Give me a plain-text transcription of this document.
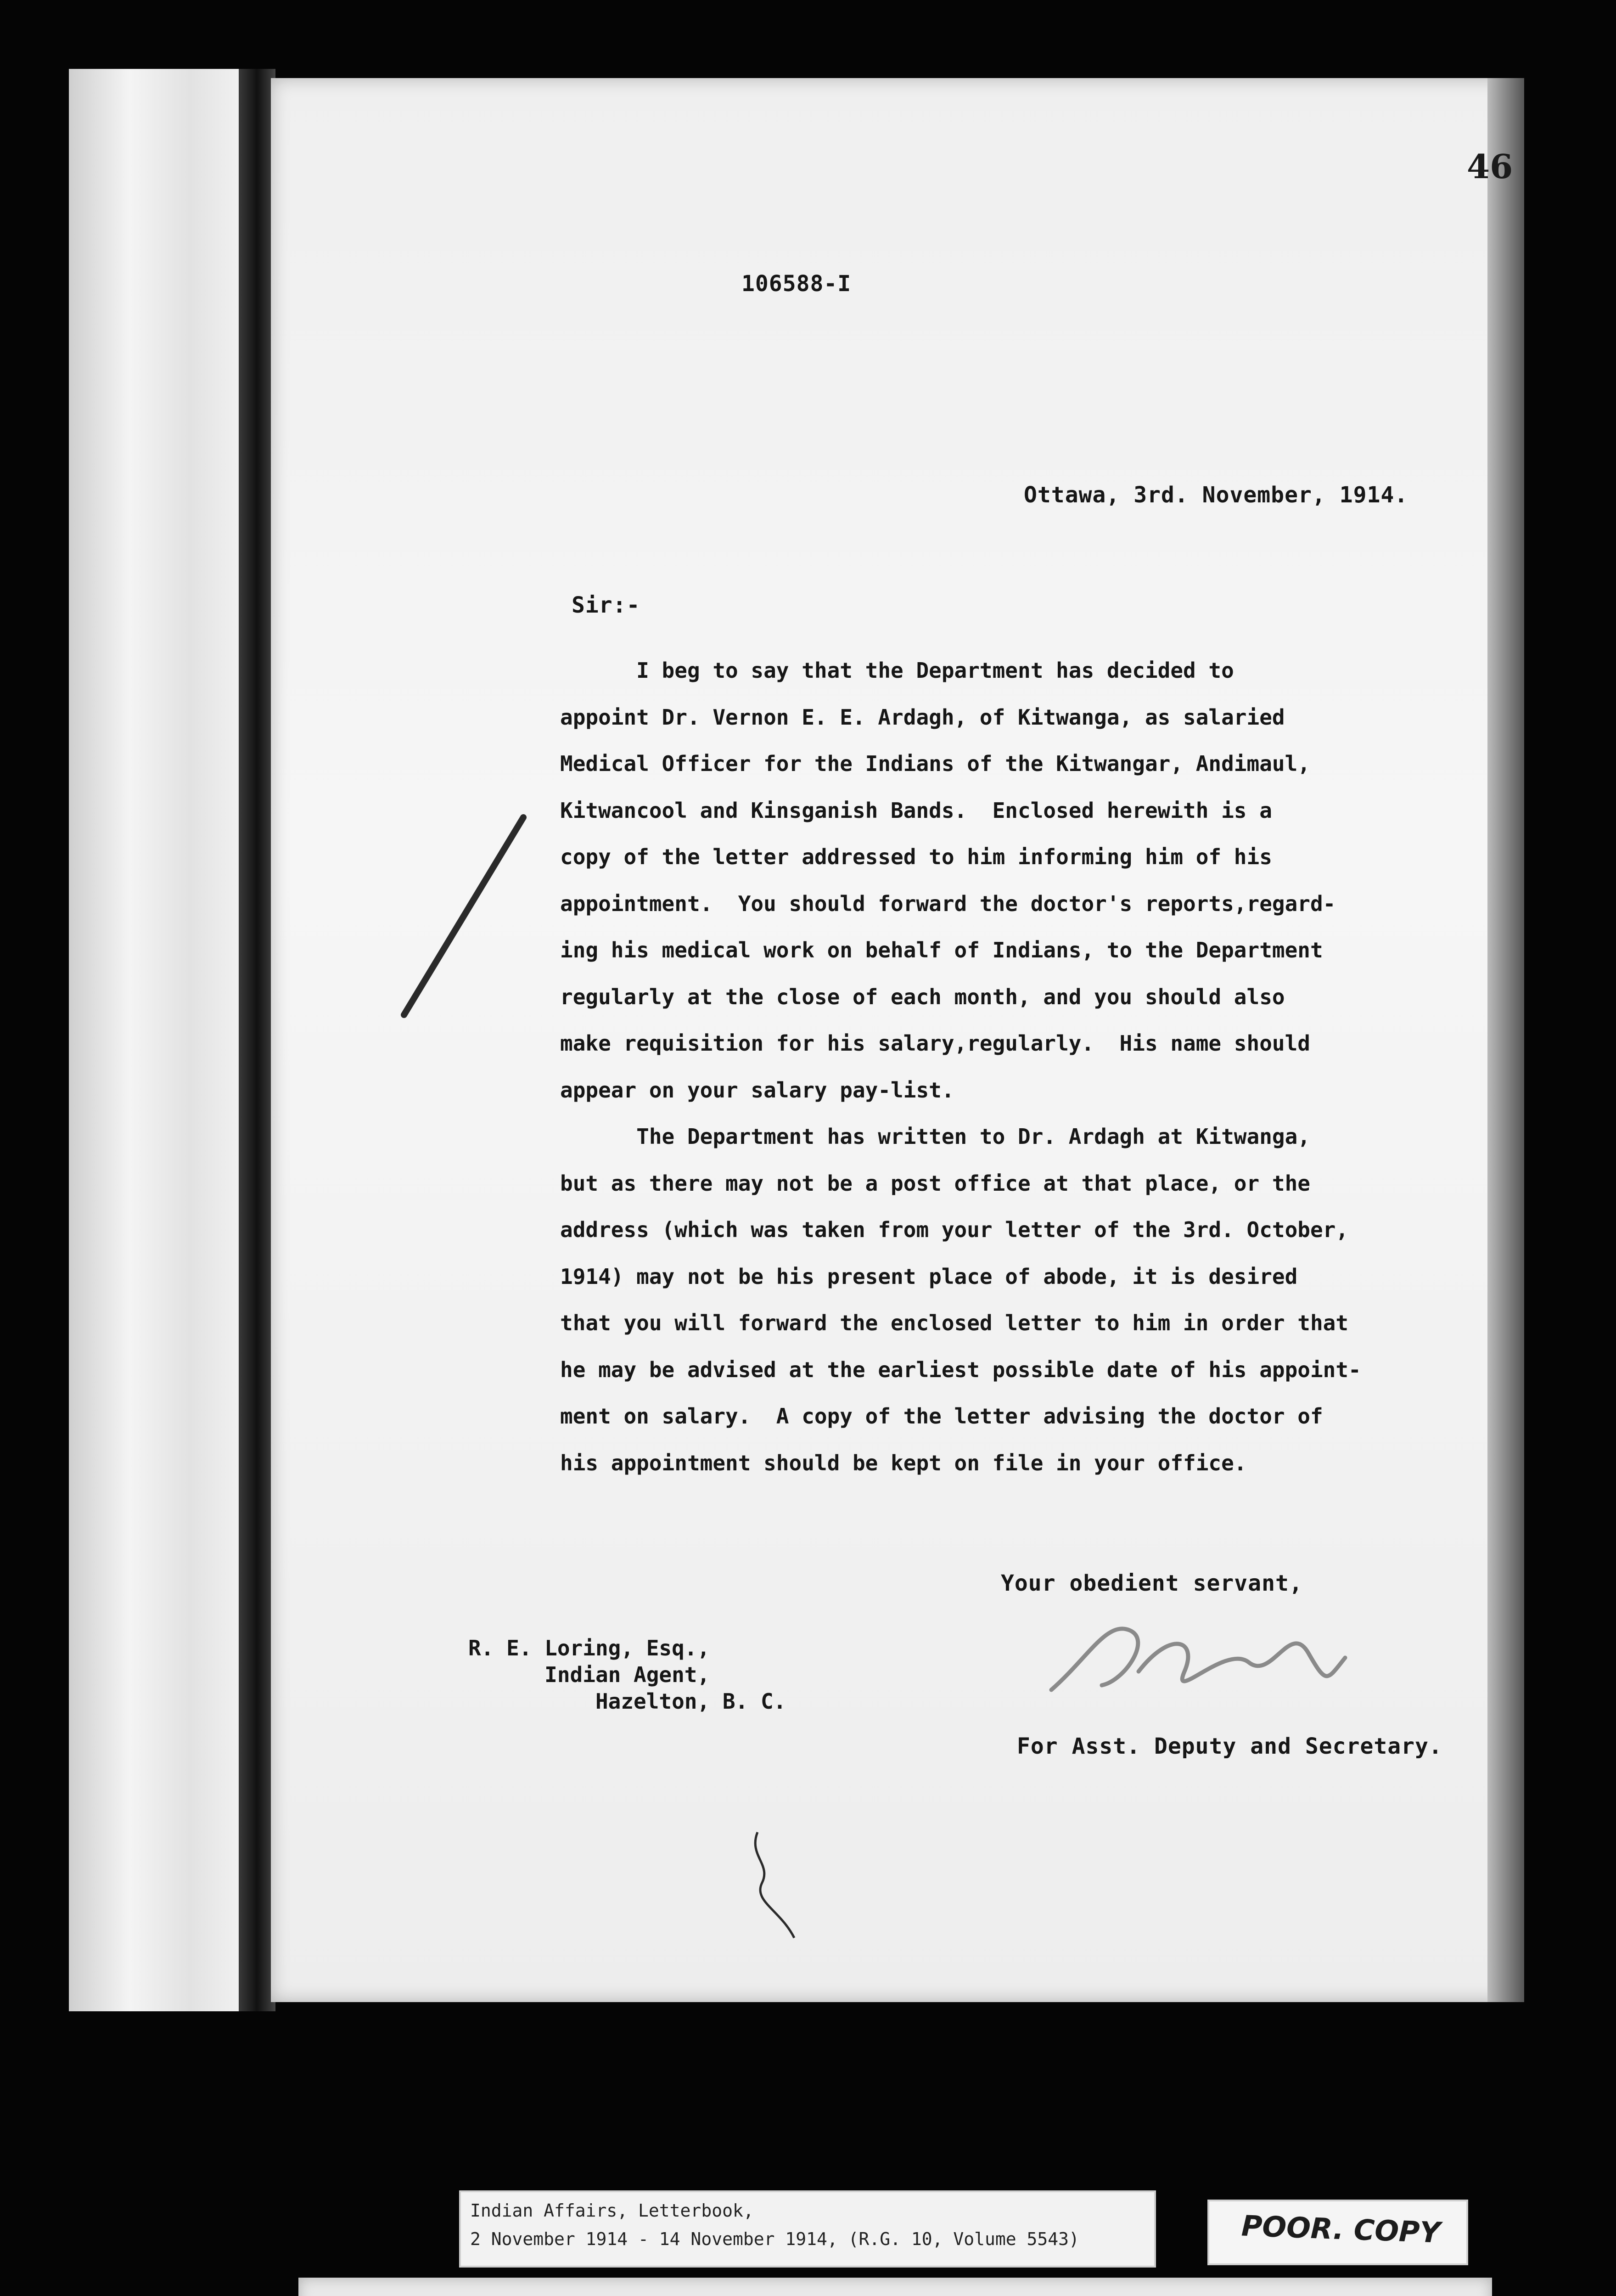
46
106588-I
Ottawa, 3rd. November, 1914.
Sir:-
I beg to say that the Department has decided to
appoint Dr. Vernon E. E. Ardagh, of Kitwanga, as salaried
Medical Officer for the Indians of the Kitwangar, Andimaul,
Kitwancool and Kinsganish Bands.  Enclosed herewith is a
copy of the letter addressed to him informing him of his
appointment.  You should forward the doctor's reports,regard-
ing his medical work on behalf of Indians, to the Department
regularly at the close of each month, and you should also
make requisition for his salary,regularly.  His name should
appear on your salary pay-list.
The Department has written to Dr. Ardagh at Kitwanga,
but as there may not be a post office at that place, or the
address (which was taken from your letter of the 3rd. October,
1914) may not be his present place of abode, it is desired
that you will forward the enclosed letter to him in order that
he may be advised at the earliest possible date of his appoint-
ment on salary.  A copy of the letter advising the doctor of
his appointment should be kept on file in your office.
Your obedient servant,
R. E. Loring, Esq.,
Indian Agent,
Hazelton, B. C.
For Asst. Deputy and Secretary.
Indian Affairs, Letterbook,
2 November 1914 - 14 November 1914, (R.G. 10, Volume 5543)	POOR. COPY
